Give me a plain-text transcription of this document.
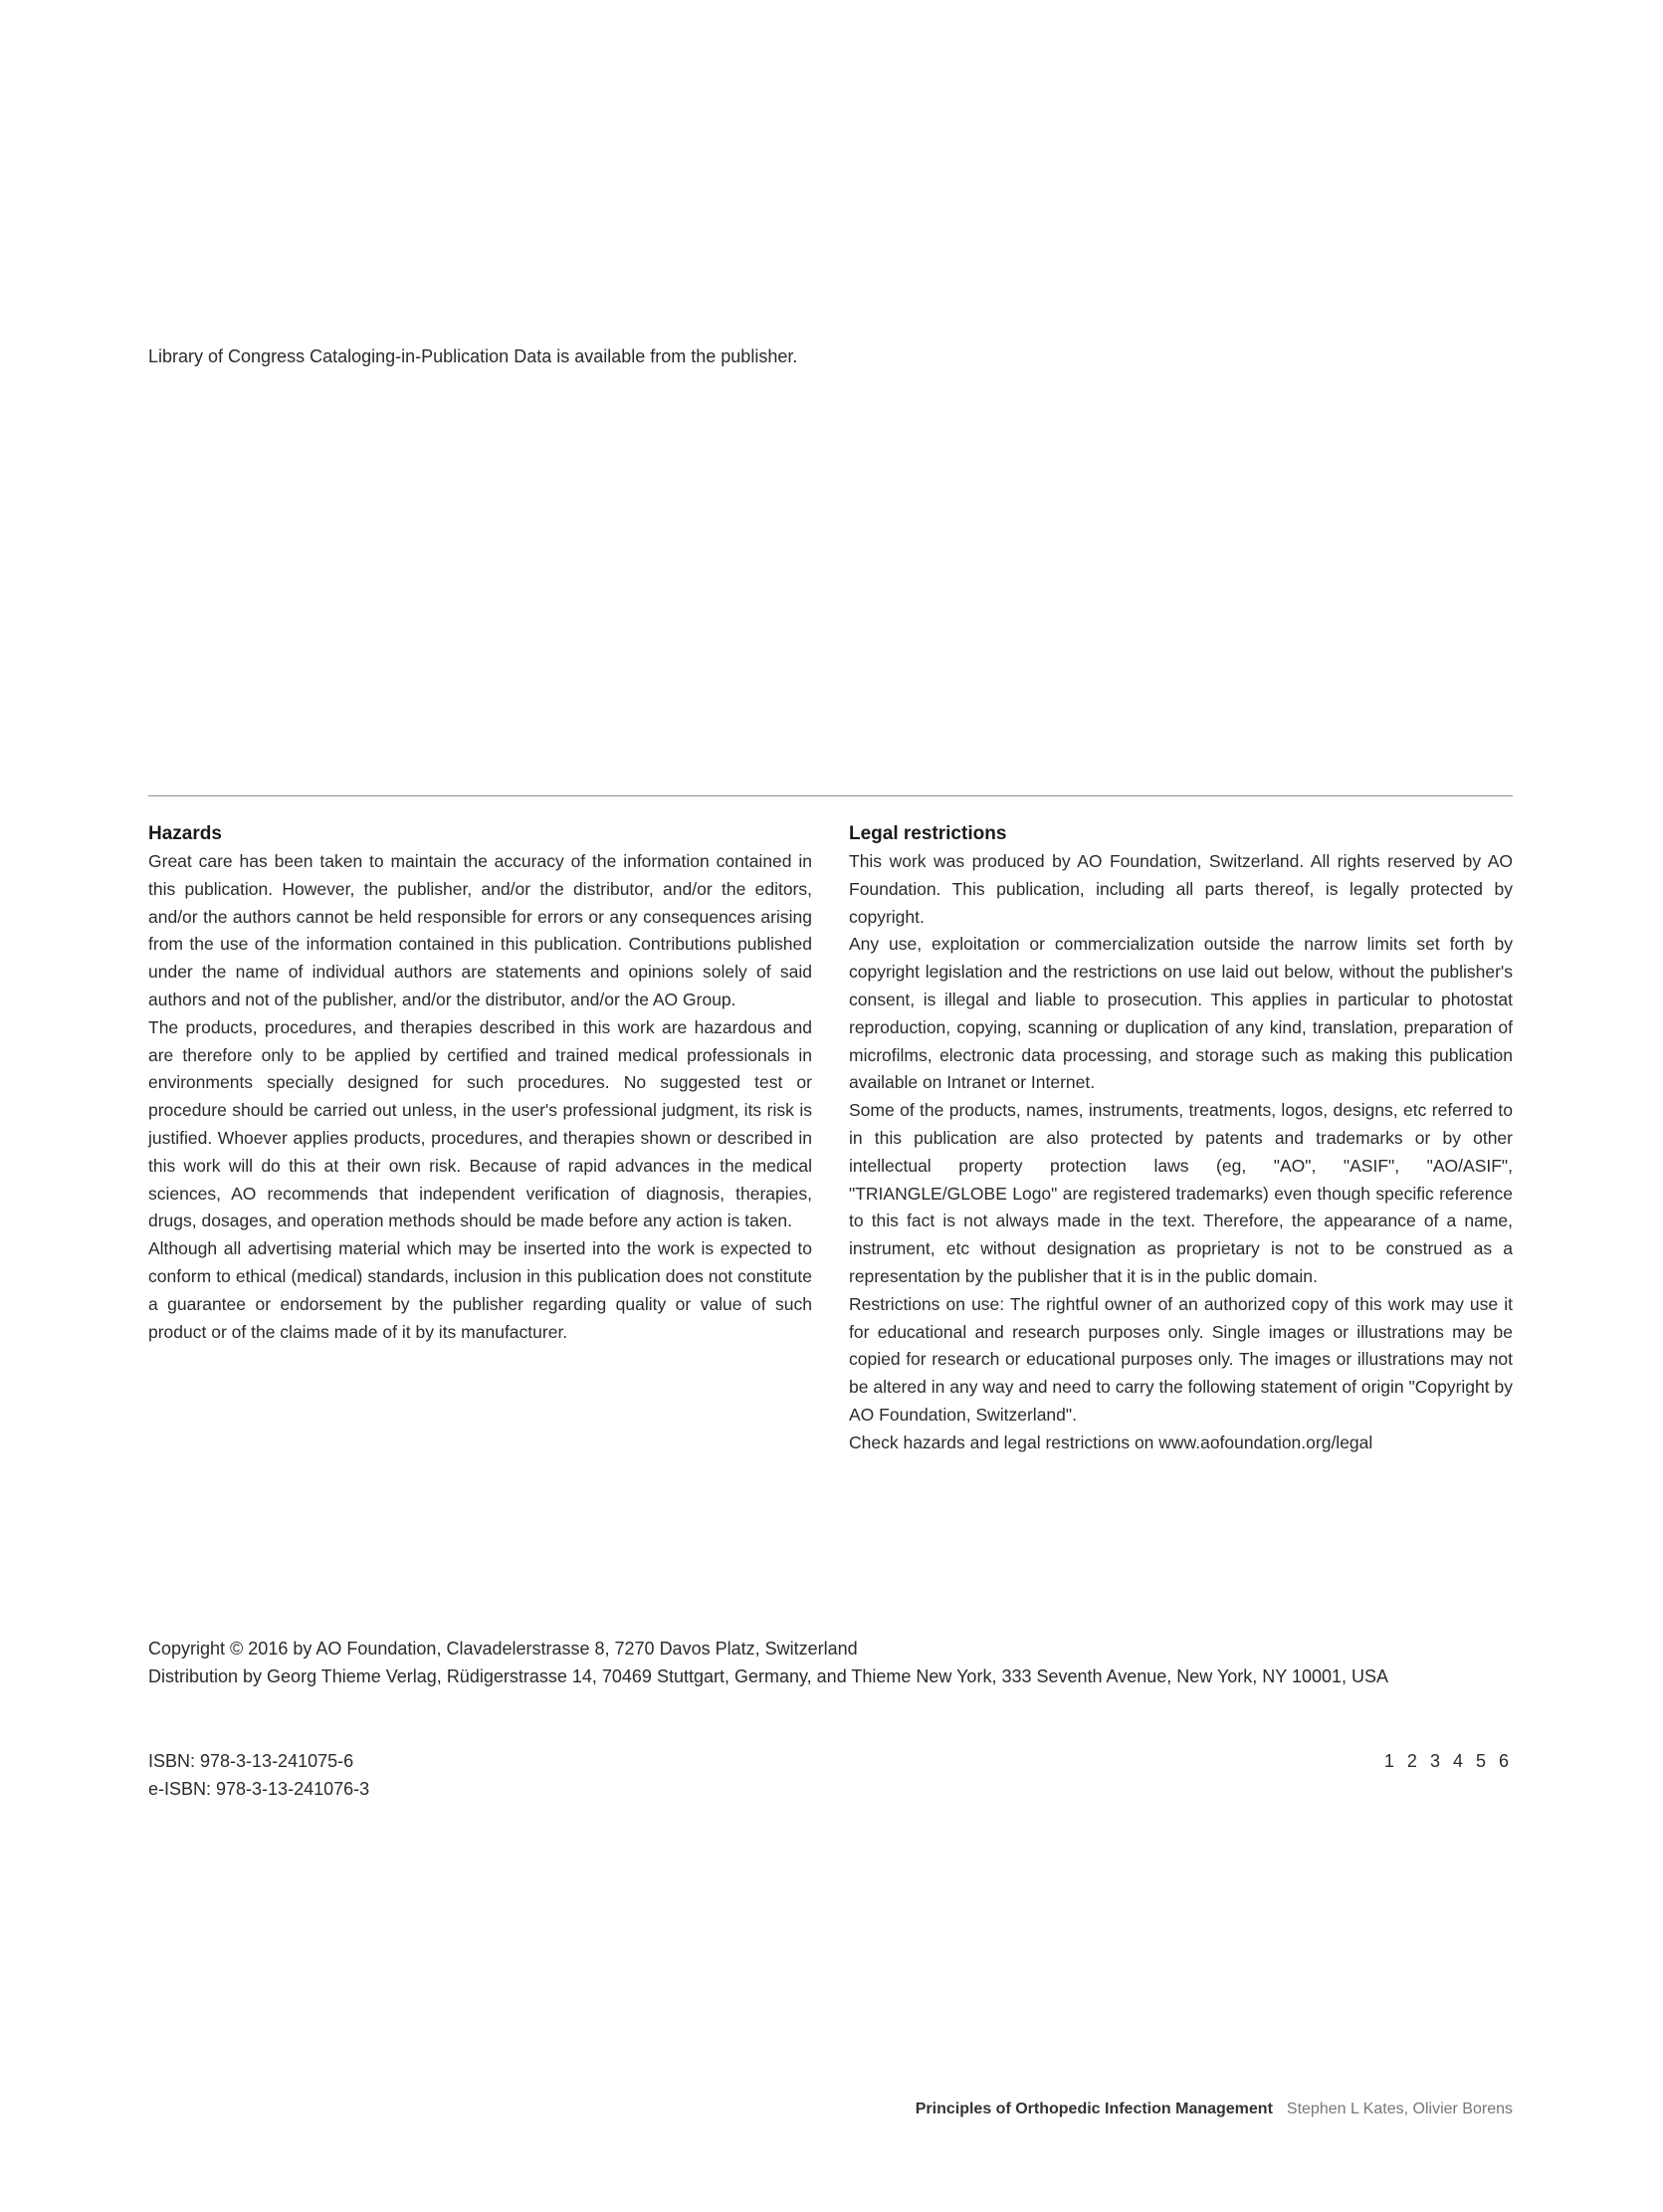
Library of Congress Cataloging-in-Publication Data is available from the publisher.
Hazards

Great care has been taken to maintain the accuracy of the information contained in this publication. However, the publisher, and/or the distributor, and/or the editors, and/or the authors cannot be held responsible for errors or any consequences arising from the use of the information contained in this publication. Contributions published under the name of individual authors are statements and opinions solely of said authors and not of the publisher, and/or the distributor, and/or the AO Group.

The products, procedures, and therapies described in this work are hazardous and are therefore only to be applied by certified and trained medical professionals in environments specially designed for such procedures. No suggested test or procedure should be carried out unless, in the user's professional judgment, its risk is justified. Whoever applies products, procedures, and therapies shown or described in this work will do this at their own risk. Because of rapid advances in the medical sciences, AO recommends that independent verification of diagnosis, therapies, drugs, dosages, and operation methods should be made before any action is taken.

Although all advertising material which may be inserted into the work is expected to conform to ethical (medical) standards, inclusion in this publication does not constitute a guarantee or endorsement by the publisher regarding quality or value of such product or of the claims made of it by its manufacturer.

Legal restrictions

This work was produced by AO Foundation, Switzerland. All rights reserved by AO Foundation. This publication, including all parts thereof, is legally protected by copyright.

Any use, exploitation or commercialization outside the narrow limits set forth by copyright legislation and the restrictions on use laid out below, without the publisher's consent, is illegal and liable to prosecution. This applies in particular to photostat reproduction, copying, scanning or duplication of any kind, translation, preparation of microfilms, electronic data processing, and storage such as making this publication available on Intranet or Internet.

Some of the products, names, instruments, treatments, logos, designs, etc referred to in this publication are also protected by patents and trademarks or by other intellectual property protection laws (eg, "AO", "ASIF", "AO/ASIF", "TRIANGLE/GLOBE Logo" are registered trademarks) even though specific reference to this fact is not always made in the text. Therefore, the appearance of a name, instrument, etc without designation as proprietary is not to be construed as a representation by the publisher that it is in the public domain.

Restrictions on use: The rightful owner of an authorized copy of this work may use it for educational and research purposes only. Single images or illustrations may be copied for research or educational purposes only. The images or illustrations may not be altered in any way and need to carry the following statement of origin "Copyright by AO Foundation, Switzerland".

Check hazards and legal restrictions on www.aofoundation.org/legal

Copyright © 2016 by AO Foundation, Clavadelerstrasse 8, 7270 Davos Platz, Switzerland
Distribution by Georg Thieme Verlag, Rüdigerstrasse 14, 70469 Stuttgart, Germany, and Thieme New York, 333 Seventh Avenue, New York, NY 10001, USA
ISBN: 978-3-13-241075-6
e-ISBN: 978-3-13-241076-3
1 2 3 4 5 6
Principles of Orthopedic Infection Management Stephen L Kates, Olivier Borens
